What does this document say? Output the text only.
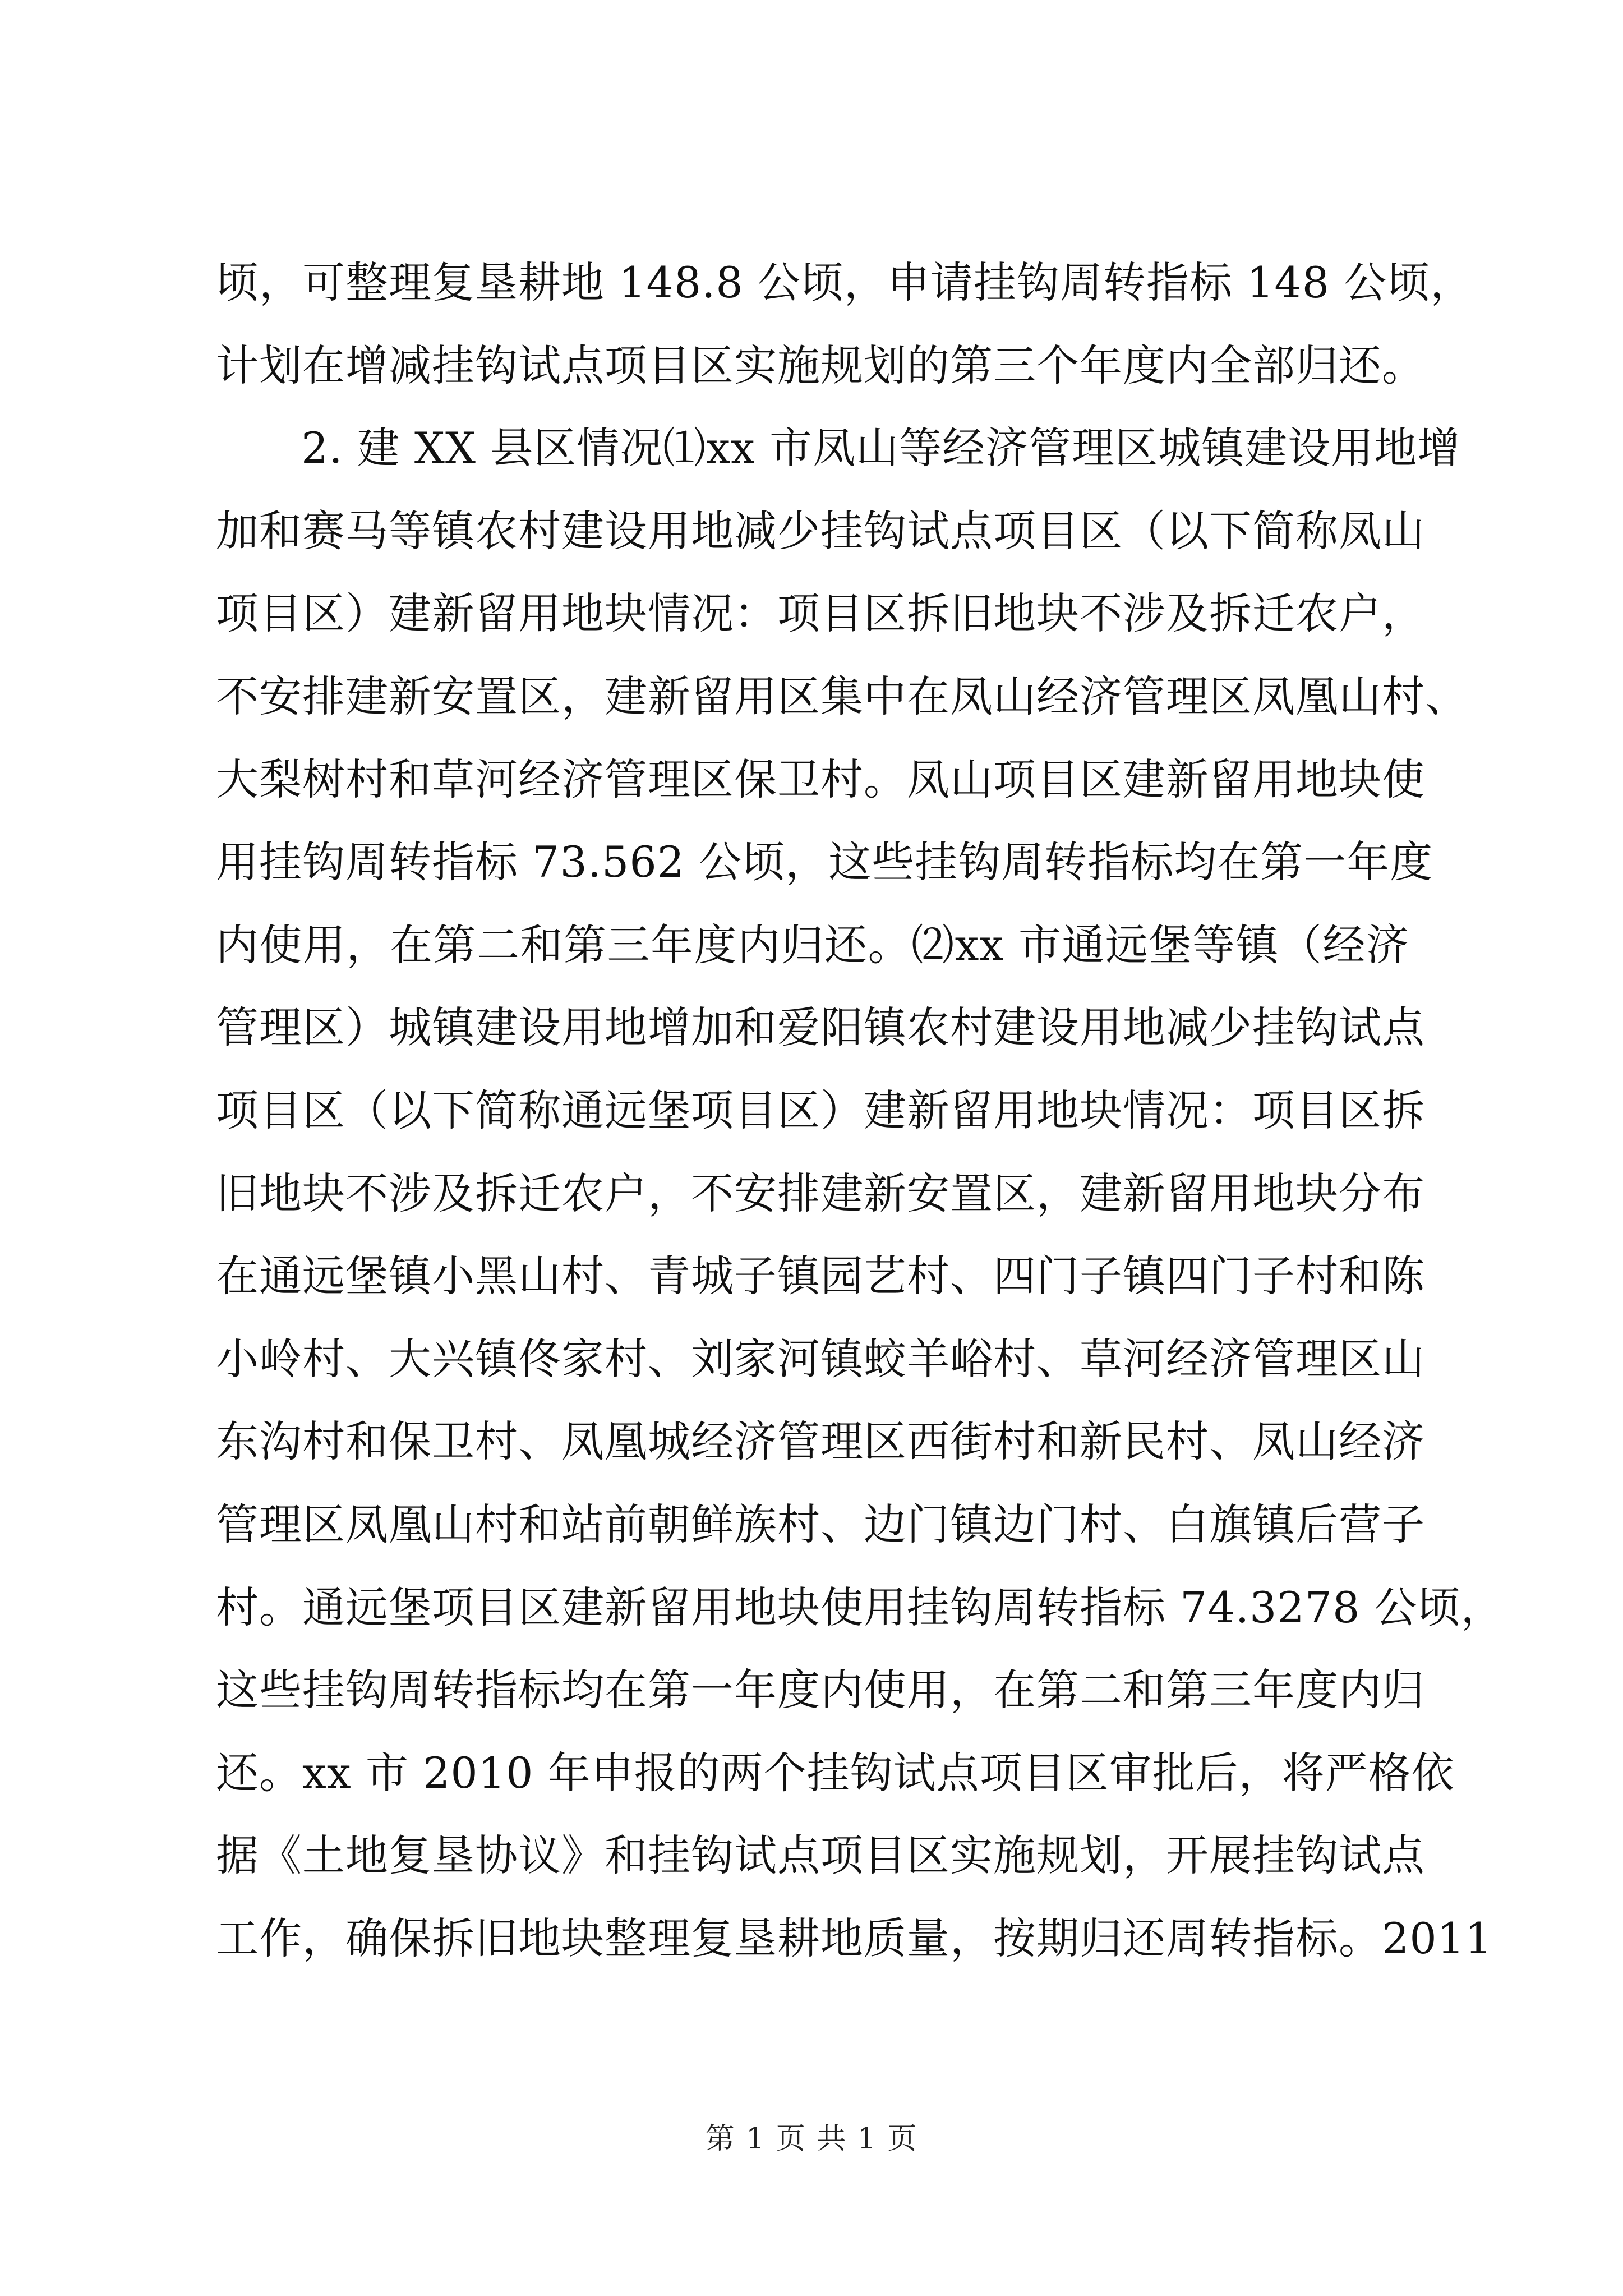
顷，可整理复垦耕地 148.8 公顷，申请挂钩周转指标 148 公顷，
计划在增减挂钩试点项目区实施规划的第三个年度内全部归还。
2. 建 XX 县区情况⑴xx 市凤山等经济管理区城镇建设用地增
加和赛马等镇农村建设用地减少挂钩试点项目区（以下简称凤山
项目区）建新留用地块情况：项目区拆旧地块不涉及拆迁农户，
不安排建新安置区，建新留用区集中在凤山经济管理区凤凰山村、
大梨树村和草河经济管理区保卫村。凤山项目区建新留用地块使
用挂钩周转指标 73.562 公顷，这些挂钩周转指标均在第一年度
内使用，在第二和第三年度内归还。⑵xx 市通远堡等镇（经济
管理区）城镇建设用地增加和爱阳镇农村建设用地减少挂钩试点
项目区（以下简称通远堡项目区）建新留用地块情况：项目区拆
旧地块不涉及拆迁农户，不安排建新安置区，建新留用地块分布
在通远堡镇小黑山村、青城子镇园艺村、四门子镇四门子村和陈
小岭村、大兴镇佟家村、刘家河镇蛟羊峪村、草河经济管理区山
东沟村和保卫村、凤凰城经济管理区西街村和新民村、凤山经济
管理区凤凰山村和站前朝鲜族村、边门镇边门村、白旗镇后营子
村。通远堡项目区建新留用地块使用挂钩周转指标 74.3278 公顷，
这些挂钩周转指标均在第一年度内使用，在第二和第三年度内归
还。xx 市 2010 年申报的两个挂钩试点项目区审批后，将严格依
据《土地复垦协议》和挂钩试点项目区实施规划，开展挂钩试点
工作，确保拆旧地块整理复垦耕地质量，按期归还周转指标。2011
第 1 页 共 1 页
